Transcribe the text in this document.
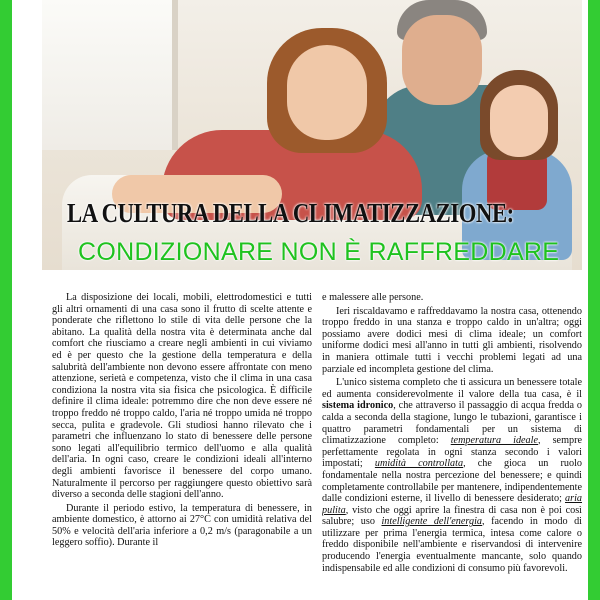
LA CULTURA DELLA CLIMATIZZAZIONE:
CONDIZIONARE NON È RAFFREDDARE

La disposizione dei locali, mobili, elettrodomestici e tutti gli altri ornamenti di una casa sono il frutto di scelte attente e ponderate che riflettono lo stile di vita delle persone che la abitano. La qualità della nostra vita è determinata anche dal comfort che riusciamo a creare negli ambienti in cui viviamo ed è per questo che la gestione della temperatura e della salubrità dell'ambiente non devono essere affrontate con meno attenzione, serietà e competenza, visto che il clima in una casa condiziona la nostra vita sia fisica che psicologica. È difficile definire il clima ideale: potremmo dire che non deve essere né troppo freddo né troppo caldo, l'aria né troppo umida né troppo secca, pulita e gradevole. Gli studiosi hanno rilevato che i parametri che influenzano lo stato di benessere delle persone sono legati all'equilibrio termico dell'uomo e alla qualità dell'aria. In ogni caso, creare le condizioni ideali all'interno degli ambienti favorisce il benessere del corpo umano. Naturalmente il percorso per raggiungere questo obiettivo sarà diverso a seconda delle stagioni dell'anno.

Durante il periodo estivo, la temperatura di benessere, in ambiente domestico, è attorno ai 27°C con umidità relativa del 50% e velocità dell'aria inferiore a 0,2 m/s (paragonabile a un leggero soffio). Durante il

e malessere alle persone.

Ieri riscaldavamo e raffreddavamo la nostra casa, ottenendo troppo freddo in una stanza e troppo caldo in un'altra; oggi possiamo avere dodici mesi di clima ideale; un comfort uniforme dodici mesi all'anno in tutti gli ambienti, risolvendo in maniera ottimale tutti i vecchi problemi legati ad una parziale ed incompleta gestione del clima.

L'unico sistema completo che ti assicura un benessere totale ed aumenta considerevolmente il valore della tua casa, è il sistema idronico, che attraverso il passaggio di acqua fredda o calda a seconda della stagione, lungo le tubazioni, garantisce i quattro parametri fondamentali per un sistema di climatizzazione completo: temperatura ideale, sempre perfettamente regolata in ogni stanza secondo i valori impostati; umidità controllata, che gioca un ruolo fondamentale nella nostra percezione del benessere; e quindi completamente controllabile per mantenere, indipendentemente dalle condizioni esterne, il livello di benessere desiderato; aria pulita, visto che oggi aprire la finestra di casa non è poi così salubre; uso intelligente dell'energia, facendo in modo di utilizzare per prima l'energia termica, intesa come calore o freddo disponibile nell'ambiente e riservandosi di intervenire producendo l'energia eventualmente mancante, solo quando indispensabile ed alle condizioni di consumo più favorevoli.
